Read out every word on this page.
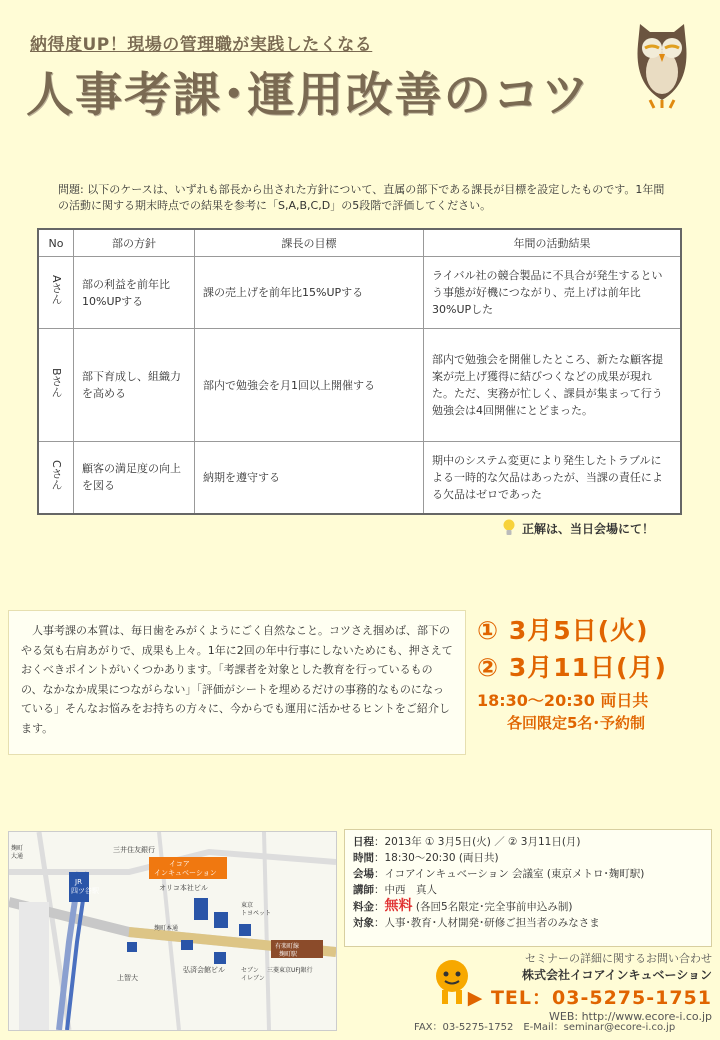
納得度UP！現場の管理職が実践したくなる
人事考課･運用改善のコツ
問題: 以下のケースは、いずれも部長から出された方針について、直属の部下である課長が目標を設定したものです。1年間の活動に関する期末時点での結果を参考に「S,A,B,C,D」の5段階で評価してください。
No	部の方針	課長の目標	年間の活動結果
Aさん	部の利益を前年比10%UPする	課の売上げを前年比15%UPする	ライバル社の競合製品に不具合が発生するという事態が好機につながり、売上げは前年比30%UPした
Bさん	部下育成し、組織力を高める	部内で勉強会を月1回以上開催する	部内で勉強会を開催したところ、新たな顧客提案が売上げ獲得に結びつくなどの成果が現れた。ただ、実務が忙しく、課員が集まって行う勉強会は4回開催にとどまった。
Cさん	顧客の満足度の向上を図る	納期を遵守する	期中のシステム変更により発生したトラブルによる一時的な欠品はあったが、当課の責任による欠品はゼロであった
正解は、当日会場にて！
人事考課の本質は、毎日歯をみがくようにごく自然なこと。コツさえ掴めば、部下のやる気も右肩あがりで、成果も上々。1年に2回の年中行事にしないためにも、押さえておくべきポイントがいくつかあります。「考課者を対象とした教育を行っているものの、なかなか成果につながらない」「評価がシートを埋めるだけの事務的なものになっている」そんなお悩みをお持ちの方々に、今からでも運用に活かせるヒントをご紹介します。
① 3月5日(火)
② 3月11日(月)
18:30～20:30 両日共
各回限定5名･予約制
JR 四ツ谷駅
イコアインキュベーション
オリコ本社ビル
三井住友銀行
上智大
麹町本通
弘済会館ビル	セブンイレブン
東京トヨペット
有楽町線麹町駅
三菱東京UFJ銀行
麹町大通
日程：2013年 ① 3月5日(火) ／ ② 3月11日(月)
時間：18:30～20:30 (両日共)
会場：イコアインキュベーション 会議室 (東京メトロ･麹町駅)
講師：中西　真人
料金：無料 (各回5名限定･完全事前申込み制)
対象：人事･教育･人材開発･研修ご担当者のみなさま
セミナーの詳細に関するお問い合わせ
株式会社イコアインキュベーション
▶ TEL：03-5275-1751
WEB: http://www.ecore-i.co.jp
FAX：03-5275-1752　E-Mail：seminar@ecore-i.co.jp
